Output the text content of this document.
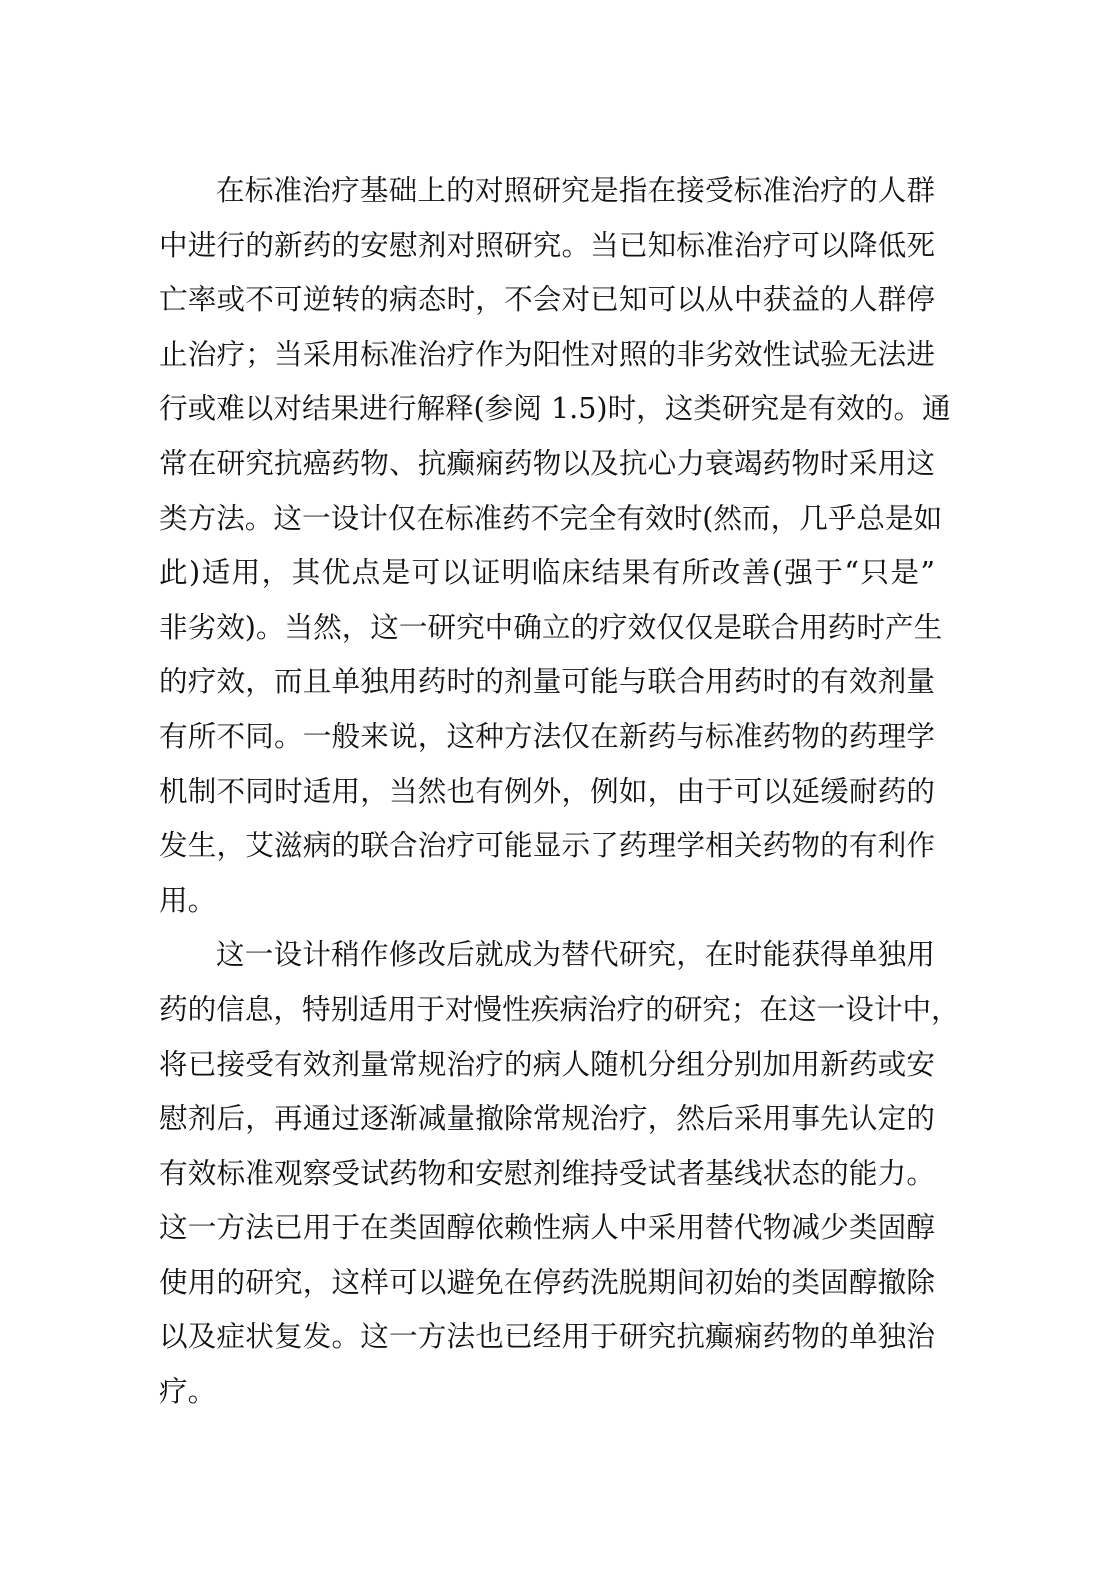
在标准治疗基础上的对照研究是指在接受标准治疗的人群
中进行的新药的安慰剂对照研究。当已知标准治疗可以降低死
亡率或不可逆转的病态时，不会对已知可以从中获益的人群停
止治疗；当采用标准治疗作为阳性对照的非劣效性试验无法进
行或难以对结果进行解释(参阅 1.5)时，这类研究是有效的。通
常在研究抗癌药物、抗癫痫药物以及抗心力衰竭药物时采用这
类方法。这一设计仅在标准药不完全有效时(然而，几乎总是如
此)适用，其优点是可以证明临床结果有所改善(强于“只是”
非劣效)。当然，这一研究中确立的疗效仅仅是联合用药时产生
的疗效，而且单独用药时的剂量可能与联合用药时的有效剂量
有所不同。一般来说，这种方法仅在新药与标准药物的药理学
机制不同时适用，当然也有例外，例如，由于可以延缓耐药的
发生，艾滋病的联合治疗可能显示了药理学相关药物的有利作
用。
这一设计稍作修改后就成为替代研究，在时能获得单独用
药的信息，特别适用于对慢性疾病治疗的研究；在这一设计中，
将已接受有效剂量常规治疗的病人随机分组分别加用新药或安
慰剂后，再通过逐渐减量撤除常规治疗，然后采用事先认定的
有效标准观察受试药物和安慰剂维持受试者基线状态的能力。
这一方法已用于在类固醇依赖性病人中采用替代物减少类固醇
使用的研究，这样可以避免在停药洗脱期间初始的类固醇撤除
以及症状复发。这一方法也已经用于研究抗癫痫药物的单独治
疗。
